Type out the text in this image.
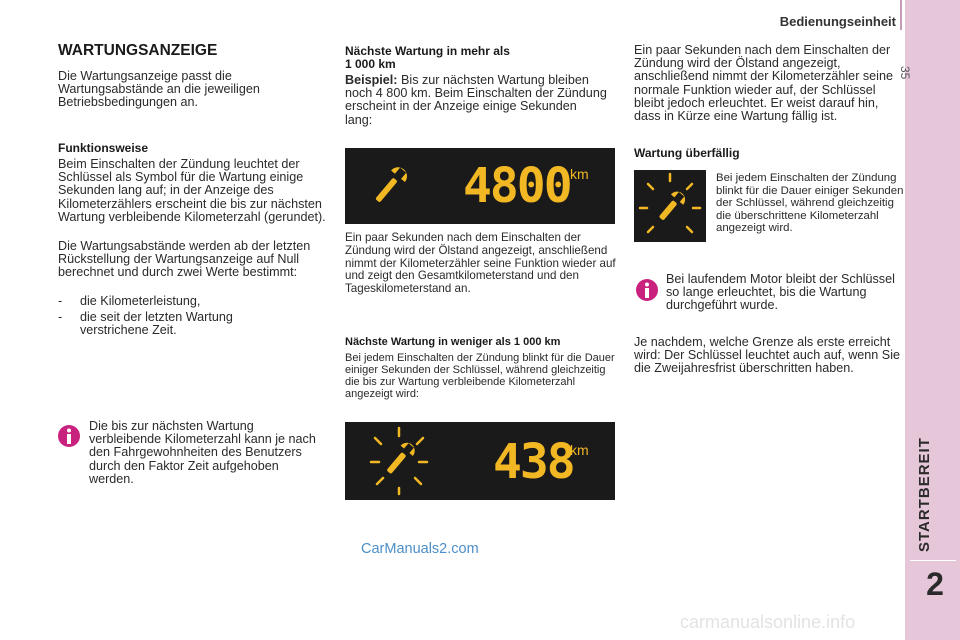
Bedienungseinheit
35
STARTBEREIT
2
WARTUNGSANZEIGE
Die Wartungsanzeige passt die Wartungsabstände an die jeweiligen Betriebsbedingungen an.
Funktionsweise
Beim Einschalten der Zündung leuchtet der Schlüssel als Symbol für die Wartung einige Sekunden lang auf; in der Anzeige des Kilometerzählers erscheint die bis zur nächsten Wartung verbleibende Kilometerzahl (gerundet).
Die Wartungsabstände werden ab der letzten Rückstellung der Wartungsanzeige auf Null berechnet und durch zwei Werte bestimmt:
- die Kilometerleistung,
- die seit der letzten Wartung verstrichene Zeit.
Die bis zur nächsten Wartung verbleibende Kilometerzahl kann je nach den Fahrgewohnheiten des Benutzers durch den Faktor Zeit aufgehoben werden.
Nächste Wartung in mehr als
1 000 km
Beispiel: Bis zur nächsten Wartung bleiben noch 4 800 km. Beim Einschalten der Zündung erscheint in der Anzeige einige Sekunden lang:
4800 km
Ein paar Sekunden nach dem Einschalten der Zündung wird der Ölstand angezeigt, anschließend nimmt der Kilometerzähler seine Funktion wieder auf und zeigt den Gesamtkilometerstand und den Tageskilometerstand an.
Nächste Wartung in weniger als 1 000 km
Bei jedem Einschalten der Zündung blinkt für die Dauer einiger Sekunden der Schlüssel, während gleichzeitig die bis zur Wartung verbleibende Kilometerzahl angezeigt wird:
438
km
CarManuals2.com
Ein paar Sekunden nach dem Einschalten der Zündung wird der Ölstand angezeigt, anschließend nimmt der Kilometerzähler seine normale Funktion wieder auf, der Schlüssel bleibt jedoch erleuchtet. Er weist darauf hin, dass in Kürze eine Wartung fällig ist.
Wartung überfällig
Bei jedem Einschalten der Zündung blinkt für die Dauer einiger Sekunden der Schlüssel, während gleichzeitig die überschrittene Kilometerzahl angezeigt wird.
Bei laufendem Motor bleibt der Schlüssel so lange erleuchtet, bis die Wartung durchgeführt wurde.
Je nachdem, welche Grenze als erste erreicht wird: Der Schlüssel leuchtet auch auf, wenn Sie die Zweijahresfrist überschritten haben.
carmanualsonline.info
